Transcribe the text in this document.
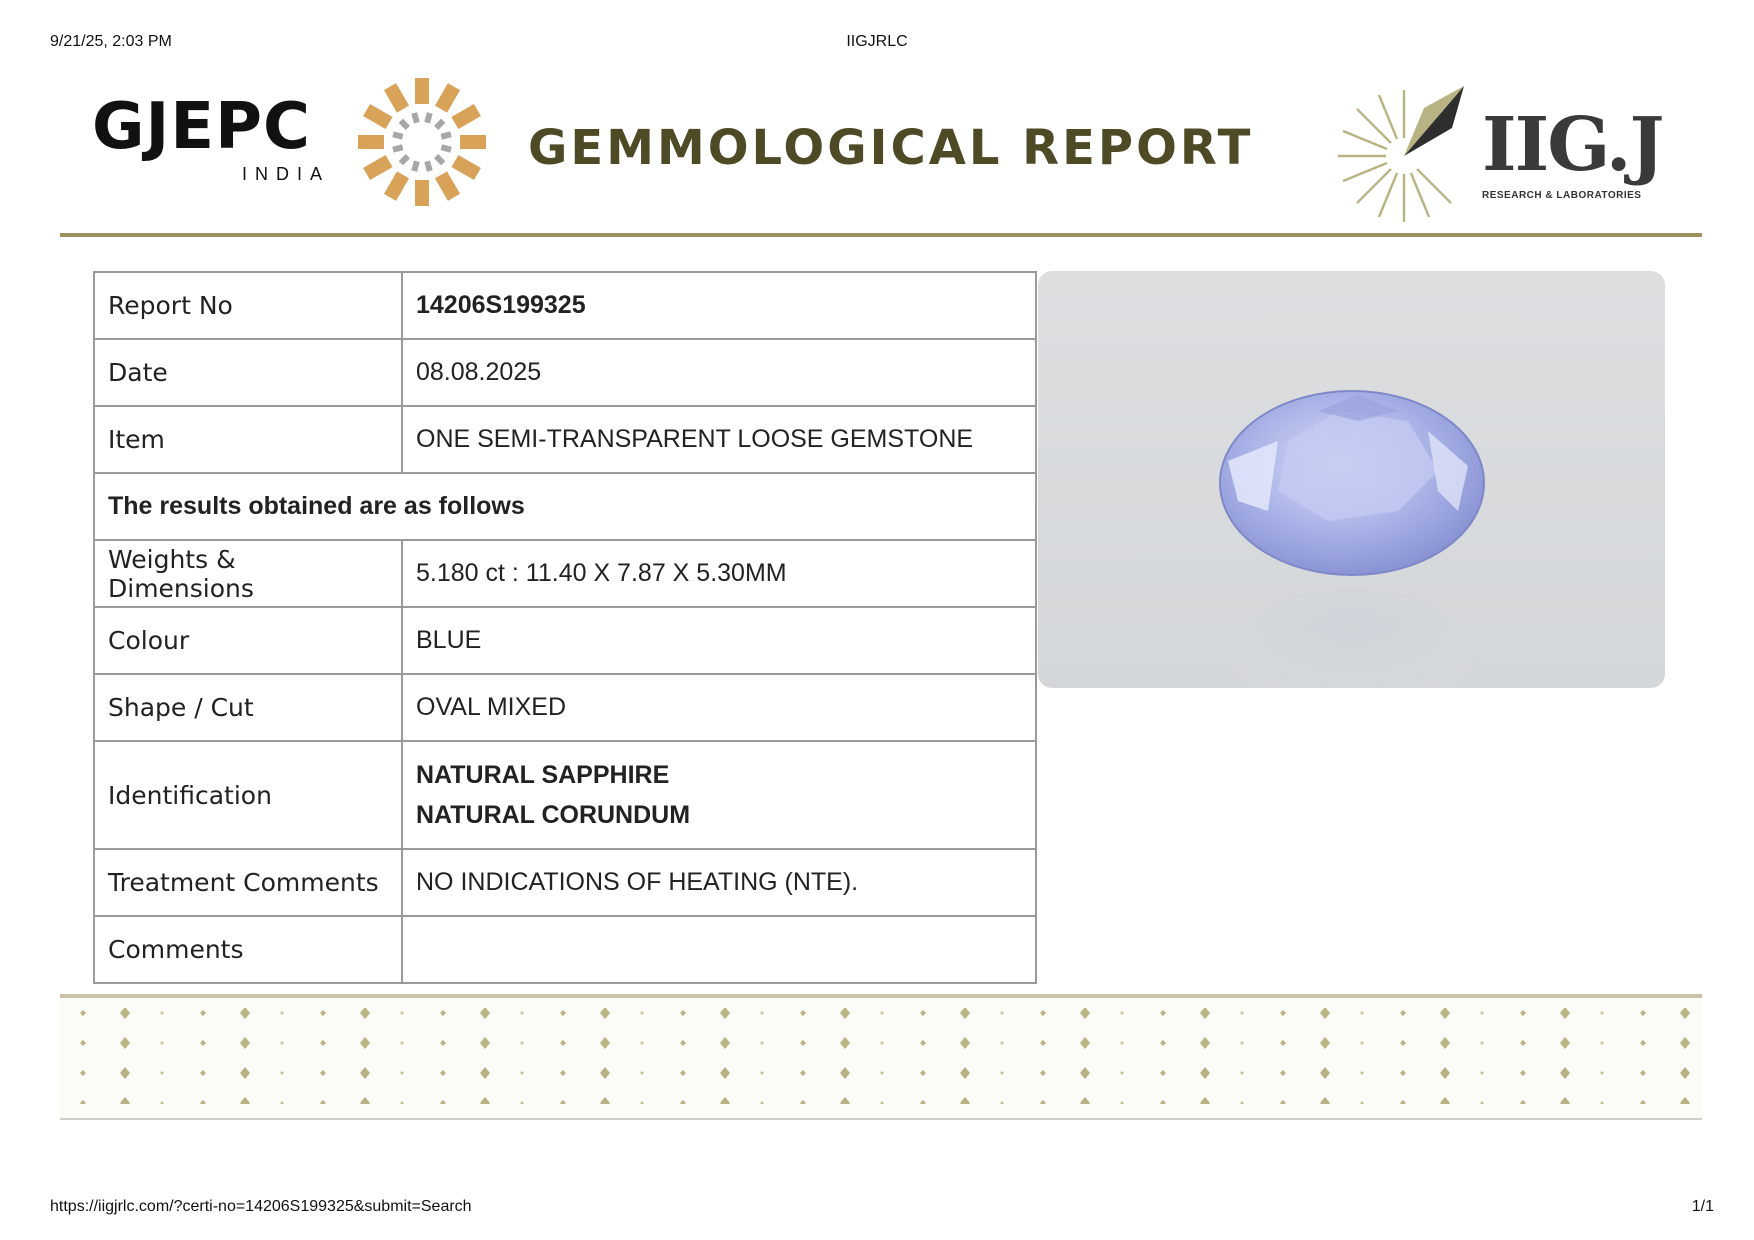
9/21/25, 2:03 PM	IIGJRLC
GJEPC
INDIA	GEMMOLOGICAL REPORT	IIG.J
RESEARCH & LABORATORIES
Report No	14206S199325
Date	08.08.2025
Item	ONE SEMI-TRANSPARENT LOOSE GEMSTONE
The results obtained are as follows	
Weights & Dimensions	5.180 ct : 11.40 X 7.87 X 5.30MM
Colour	BLUE
Shape / Cut	OVAL MIXED
Identification	NATURAL SAPPHIRE
NATURAL CORUNDUM

Treatment Comments	NO INDICATIONS OF HEATING (NTE).
Comments	
https://iigjrlc.com/?certi-no=14206S199325&submit=Search	1/1
